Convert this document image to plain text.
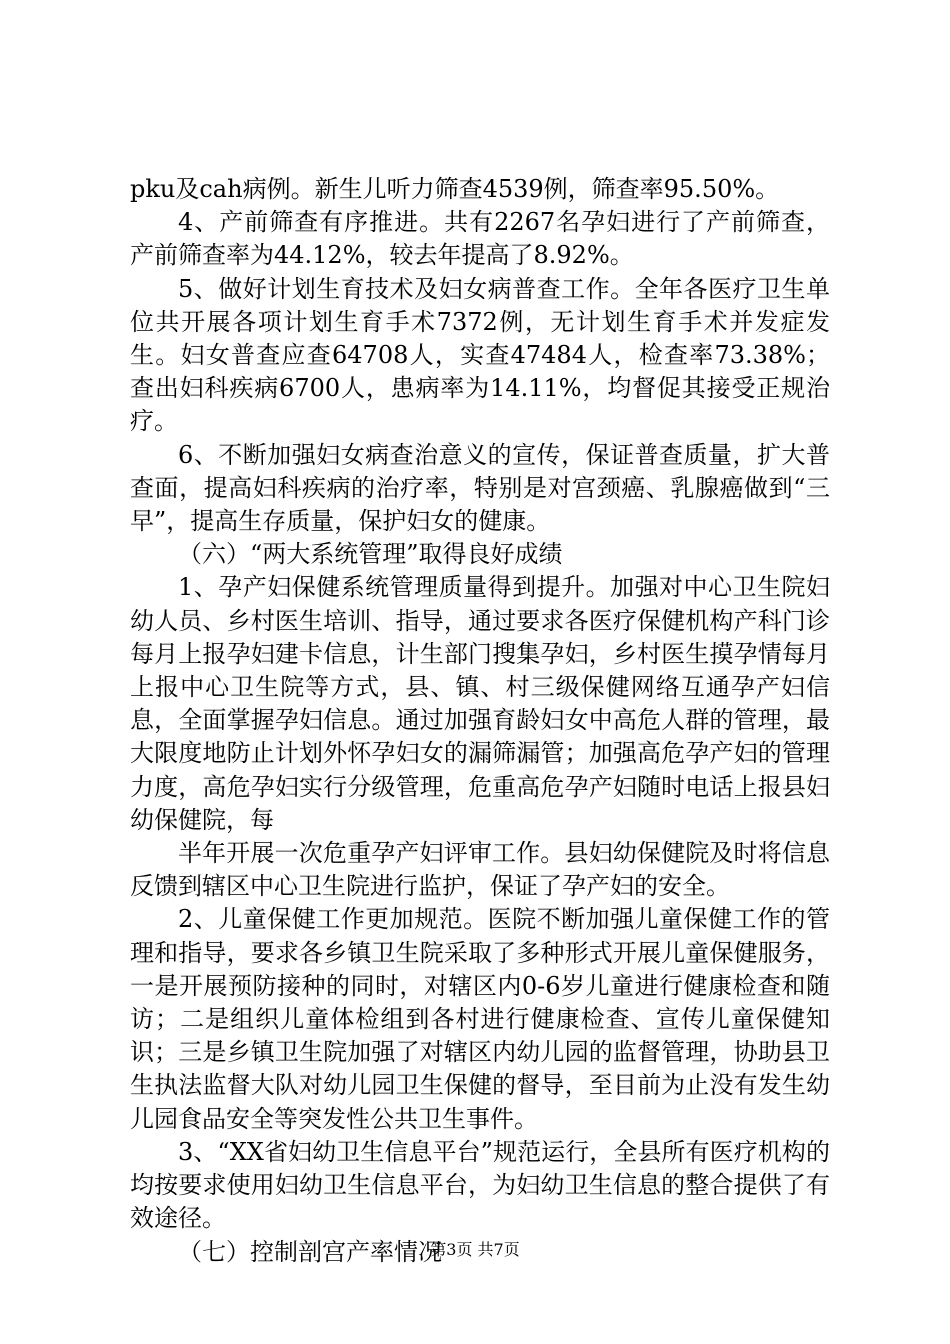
pku及cah病例。新生儿听力筛查4539例，筛查率95.50%。

4、产前筛查有序推进。共有2267名孕妇进行了产前筛查，产前筛查率为44.12%，较去年提高了8.92%。

5、做好计划生育技术及妇女病普查工作。全年各医疗卫生单位共开展各项计划生育手术7372例，无计划生育手术并发症发生。妇女普查应查64708人，实查47484人，检查率73.38%；查出妇科疾病6700人，患病率为14.11%，均督促其接受正规治疗。

6、不断加强妇女病查治意义的宣传，保证普查质量，扩大普查面，提高妇科疾病的治疗率，特别是对宫颈癌、乳腺癌做到“三早”，提高生存质量，保护妇女的健康。

（六）“两大系统管理”取得良好成绩

1、孕产妇保健系统管理质量得到提升。加强对中心卫生院妇幼人员、乡村医生培训、指导，通过要求各医疗保健机构产科门诊每月上报孕妇建卡信息，计生部门搜集孕妇，乡村医生摸孕情每月上报中心卫生院等方式，县、镇、村三级保健网络互通孕产妇信息，全面掌握孕妇信息。通过加强育龄妇女中高危人群的管理，最大限度地防止计划外怀孕妇女的漏筛漏管；加强高危孕产妇的管理力度，高危孕妇实行分级管理，危重高危孕产妇随时电话上报县妇幼保健院，每

半年开展一次危重孕产妇评审工作。县妇幼保健院及时将信息反馈到辖区中心卫生院进行监护，保证了孕产妇的安全。

2、儿童保健工作更加规范。医院不断加强儿童保健工作的管理和指导，要求各乡镇卫生院采取了多种形式开展儿童保健服务，一是开展预防接种的同时，对辖区内0-6岁儿童进行健康检查和随访；二是组织儿童体检组到各村进行健康检查、宣传儿童保健知识；三是乡镇卫生院加强了对辖区内幼儿园的监督管理，协助县卫生执法监督大队对幼儿园卫生保健的督导，至目前为止没有发生幼儿园食品安全等突发性公共卫生事件。

3、“XX省妇幼卫生信息平台”规范运行，全县所有医疗机构的均按要求使用妇幼卫生信息平台，为妇幼卫生信息的整合提供了有效途径。

（七）控制剖宫产率情况

第3页 共7页
